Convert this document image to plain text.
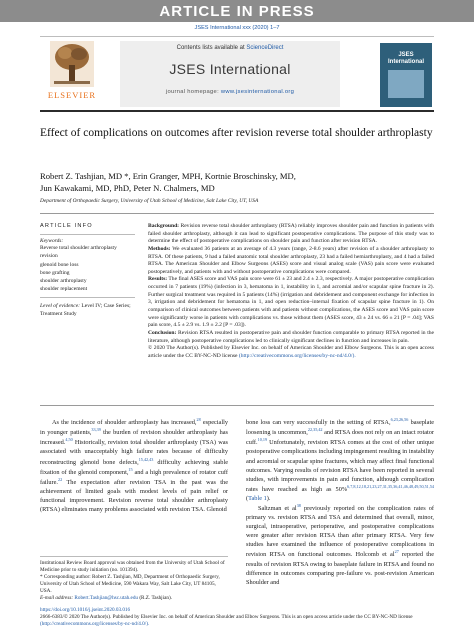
ARTICLE IN PRESS
JSES International xxx (2020) 1–7
ELSEVIER
Contents lists available at ScienceDirect
JSES International
journal homepage: www.jsesinternational.org
JSES International
Effect of complications on outcomes after revision reverse total shoulder arthroplasty
Robert Z. Tashjian, MD *, Erin Granger, MPH, Kortnie Broschinsky, MD,
Jun Kawakami, MD, PhD, Peter N. Chalmers, MD
Department of Orthopaedic Surgery, University of Utah School of Medicine, Salt Lake City, UT, USA
ARTICLE INFO
Keywords:
Reverse total shoulder arthroplasty
revision
glenoid bone loss
bone grafting
shoulder arthroplasty
shoulder replacement
Level of evidence: Level IV; Case Series; Treatment Study

Background: Revision reverse total shoulder arthroplasty (RTSA) reliably improves shoulder pain and function in patients with failed shoulder arthroplasty, although it can lead to significant postoperative complications. The purpose of this study was to determine the effect of postoperative complications on shoulder pain and function after revision RTSA.
Methods: We evaluated 36 patients at an average of 4.3 years (range, 2-8.6 years) after revision of a shoulder arthroplasty to RTSA. Of these patients, 9 had a failed anatomic total shoulder arthroplasty, 23 had a failed hemiarthroplasty, and 4 had a failed RTSA. The American Shoulder and Elbow Surgeons (ASES) score and visual analog scale (VAS) pain score were evaluated postoperatively, and patients with and without postoperative complications were compared.
Results: The final ASES score and VAS pain score were 61 ± 23 and 2.4 ± 2.3, respectively. A major postoperative complication occurred in 7 patients (19%) (infection in 3, hematoma in 1, instability in 1, and acromial and/or scapular spine fracture in 2). Further surgical treatment was required in 5 patients (14%) (irrigation and debridement and component exchange for infection in 3, irrigation and debridement for hematoma in 1, and open reduction–internal fixation of scapular spine fracture in 1). On comparison of clinical outcomes between patients with and patients without complications, the ASES score and VAS pain score were significantly worse in patients with complications vs. those without them (ASES score, 43 ± 24 vs. 66 ± 21 [P = .04]; VAS pain score, 4.5 ± 2.9 vs. 1.9 ± 2.2 [P = .03]).
Conclusion: Revision RTSA resulted in postoperative pain and shoulder function comparable to primary RTSA reported in the literature, although postoperative complications led to clinically significant declines in function and increases in pain.
© 2020 The Author(s). Published by Elsevier Inc. on behalf of American Shoulder and Elbow Surgeons. This is an open access article under the CC BY-NC-ND license (http://creativecommons.org/licenses/by-nc-nd/4.0/).

As the incidence of shoulder arthroplasty has increased,$^{28}$ especially in younger patients,$^{33,39}$ the burden of revision shoulder arthroplasty has increased.$^{4,50}$ Historically, revision total shoulder arthroplasty (TSA) was associated with unacceptably high failure rates because of difficulty reconstructing glenoid bone defects,$^{15,42,43}$ difficulty achieving stable fixation of the glenoid component,$^{15}$ and a high prevalence of rotator cuff failure.$^{22}$ The expectation after revision TSA in the past was the achievement of limited goals with modest levels of pain relief or functional improvement. Revision reverse total shoulder arthroplasty (RTSA) eliminates many problems associated with revision TSA. Glenoid

bone loss can very successfully in the setting of RTSA,$^{6,23,26,56}$ baseplate loosening is uncommon,$^{22,35,42}$ and RTSA does not rely on an intact rotator cuff.$^{10,19}$ Unfortunately, revision RTSA comes at the cost of other unique postoperative complications including impingement resulting in instability and acromial or scapular spine fractures, which may affect final functional outcomes. Varying results of revision RTSA have been reported in several studies, with improvements in pain and function, although complication rates have reached as high as 50%$^{6,7,8,12,18,21,23,27,31,35,36,41,46,48,49,50,51,54}$ (Table 1).

Saltzman et al$^{38}$ previously reported on the complication rates of primary vs. revision RTSA and TSA and determined that overall, minor, surgical, intraoperative, perioperative, and postoperative complications were greater after revision RTSA than after primary RTSA. Very few studies have examined the influence of postoperative complications in revision RTSA on functional outcomes. Holcomb et al$^{27}$ reported the results of revision RTSA owing to baseplate failure in RTSA and found no difference in outcomes comparing pre-failure vs. post-revision American Shoulder and

Institutional Review Board approval was obtained from the University of Utah School of Medicine prior to study initiation (no. 101394).

* Corresponding author: Robert Z. Tashjian, MD, Department of Orthopaedic Surgery, University of Utah School of Medicine, 590 Wakara Way, Salt Lake City, UT 84105, USA.

E-mail address: Robert.Tashjian@hsc.utah.edu (R.Z. Tashjian).

https://doi.org/10.1016/j.jseint.2020.03.016

2666-6383/© 2020 The Author(s). Published by Elsevier Inc. on behalf of American Shoulder and Elbow Surgeons. This is an open access article under the CC BY-NC-ND license (http://creativecommons.org/licenses/by-nc-nd/4.0/).
